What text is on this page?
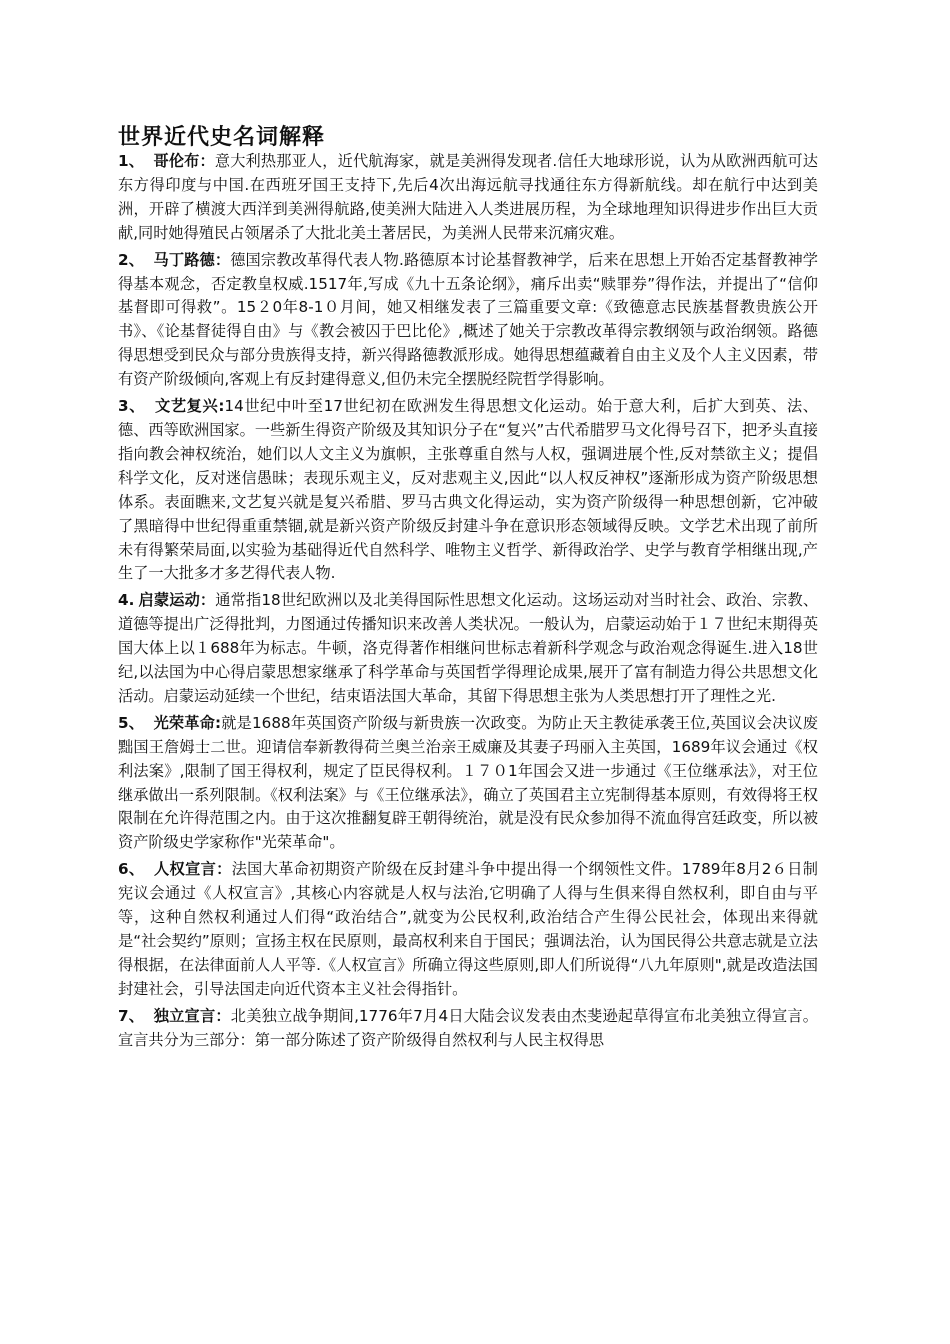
世界近代史名词解释

1、 哥伦布：意大利热那亚人，近代航海家，就是美洲得发现者.信任大地球形说，认为从欧洲西航可达东方得印度与中国.在西班牙国王支持下,先后4次出海远航寻找通往东方得新航线。却在航行中达到美洲，开辟了横渡大西洋到美洲得航路,使美洲大陆进入人类进展历程，为全球地理知识得进步作出巨大贡献,同时她得殖民占领屠杀了大批北美土著居民，为美洲人民带来沉痛灾难。

2、 马丁路德：德国宗教改革得代表人物.路德原本讨论基督教神学，后来在思想上开始否定基督教神学得基本观念，否定教皇权威.1517年,写成《九十五条论纲》，痛斥出卖“赎罪券”得作法，并提出了“信仰基督即可得救”。15２0年8-1０月间，她又相继发表了三篇重要文章:《致德意志民族基督教贵族公开书》、《论基督徒得自由》与《教会被囚于巴比伦》,概述了她关于宗教改革得宗教纲领与政治纲领。路德得思想受到民众与部分贵族得支持，新兴得路德教派形成。她得思想蕴藏着自由主义及个人主义因素，带有资产阶级倾向,客观上有反封建得意义,但仍未完全摆脱经院哲学得影响。

3、 文艺复兴:14世纪中叶至17世纪初在欧洲发生得思想文化运动。始于意大利，后扩大到英、法、德、西等欧洲国家。一些新生得资产阶级及其知识分子在“复兴”古代希腊罗马文化得号召下，把矛头直接指向教会神权统治，她们以人文主义为旗帜，主张尊重自然与人权，强调进展个性,反对禁欲主义；提倡科学文化，反对迷信愚昧；表现乐观主义，反对悲观主义,因此“以人权反神权”逐渐形成为资产阶级思想体系。表面瞧来,文艺复兴就是复兴希腊、罗马古典文化得运动，实为资产阶级得一种思想创新，它冲破了黑暗得中世纪得重重禁锢,就是新兴资产阶级反封建斗争在意识形态领域得反映。文学艺术出现了前所未有得繁荣局面,以实验为基础得近代自然科学、唯物主义哲学、新得政治学、史学与教育学相继出现,产生了一大批多才多艺得代表人物.

4. 启蒙运动：通常指18世纪欧洲以及北美得国际性思想文化运动。这场运动对当时社会、政治、宗教、道德等提出广泛得批判，力图通过传播知识来改善人类状况。一般认为，启蒙运动始于１７世纪末期得英国大体上以１688年为标志。牛顿，洛克得著作相继问世标志着新科学观念与政治观念得诞生.进入18世纪,以法国为中心得启蒙思想家继承了科学革命与英国哲学得理论成果,展开了富有制造力得公共思想文化活动。启蒙运动延续一个世纪，结束语法国大革命，其留下得思想主张为人类思想打开了理性之光.

5、 光荣革命:就是1688年英国资产阶级与新贵族一次政变。为防止天主教徒承袭王位,英国议会决议废黜国王詹姆士二世。迎请信奉新教得荷兰奥兰治亲王威廉及其妻子玛丽入主英国，1689年议会通过《权利法案》,限制了国王得权利，规定了臣民得权利。１７０1年国会又进一步通过《王位继承法》，对王位继承做出一系列限制。《权利法案》与《王位继承法》，确立了英国君主立宪制得基本原则，有效得将王权限制在允许得范围之内。由于这次推翻复辟王朝得统治，就是没有民众参加得不流血得宫廷政变，所以被资产阶级史学家称作"光荣革命"。

6、 人权宣言：法国大革命初期资产阶级在反封建斗争中提出得一个纲领性文件。1789年8月2６日制宪议会通过《人权宣言》,其核心内容就是人权与法治,它明确了人得与生俱来得自然权利，即自由与平等，这种自然权利通过人们得“政治结合”,就变为公民权利,政治结合产生得公民社会，体现出来得就是“社会契约”原则；宣扬主权在民原则，最高权利来自于国民；强调法治，认为国民得公共意志就是立法得根据，在法律面前人人平等.《人权宣言》所确立得这些原则,即人们所说得“八九年原则",就是改造法国封建社会，引导法国走向近代资本主义社会得指针。

7、 独立宣言：北美独立战争期间,1776年7月4日大陆会议发表由杰斐逊起草得宣布北美独立得宣言。宣言共分为三部分：第一部分陈述了资产阶级得自然权利与人民主权得思
